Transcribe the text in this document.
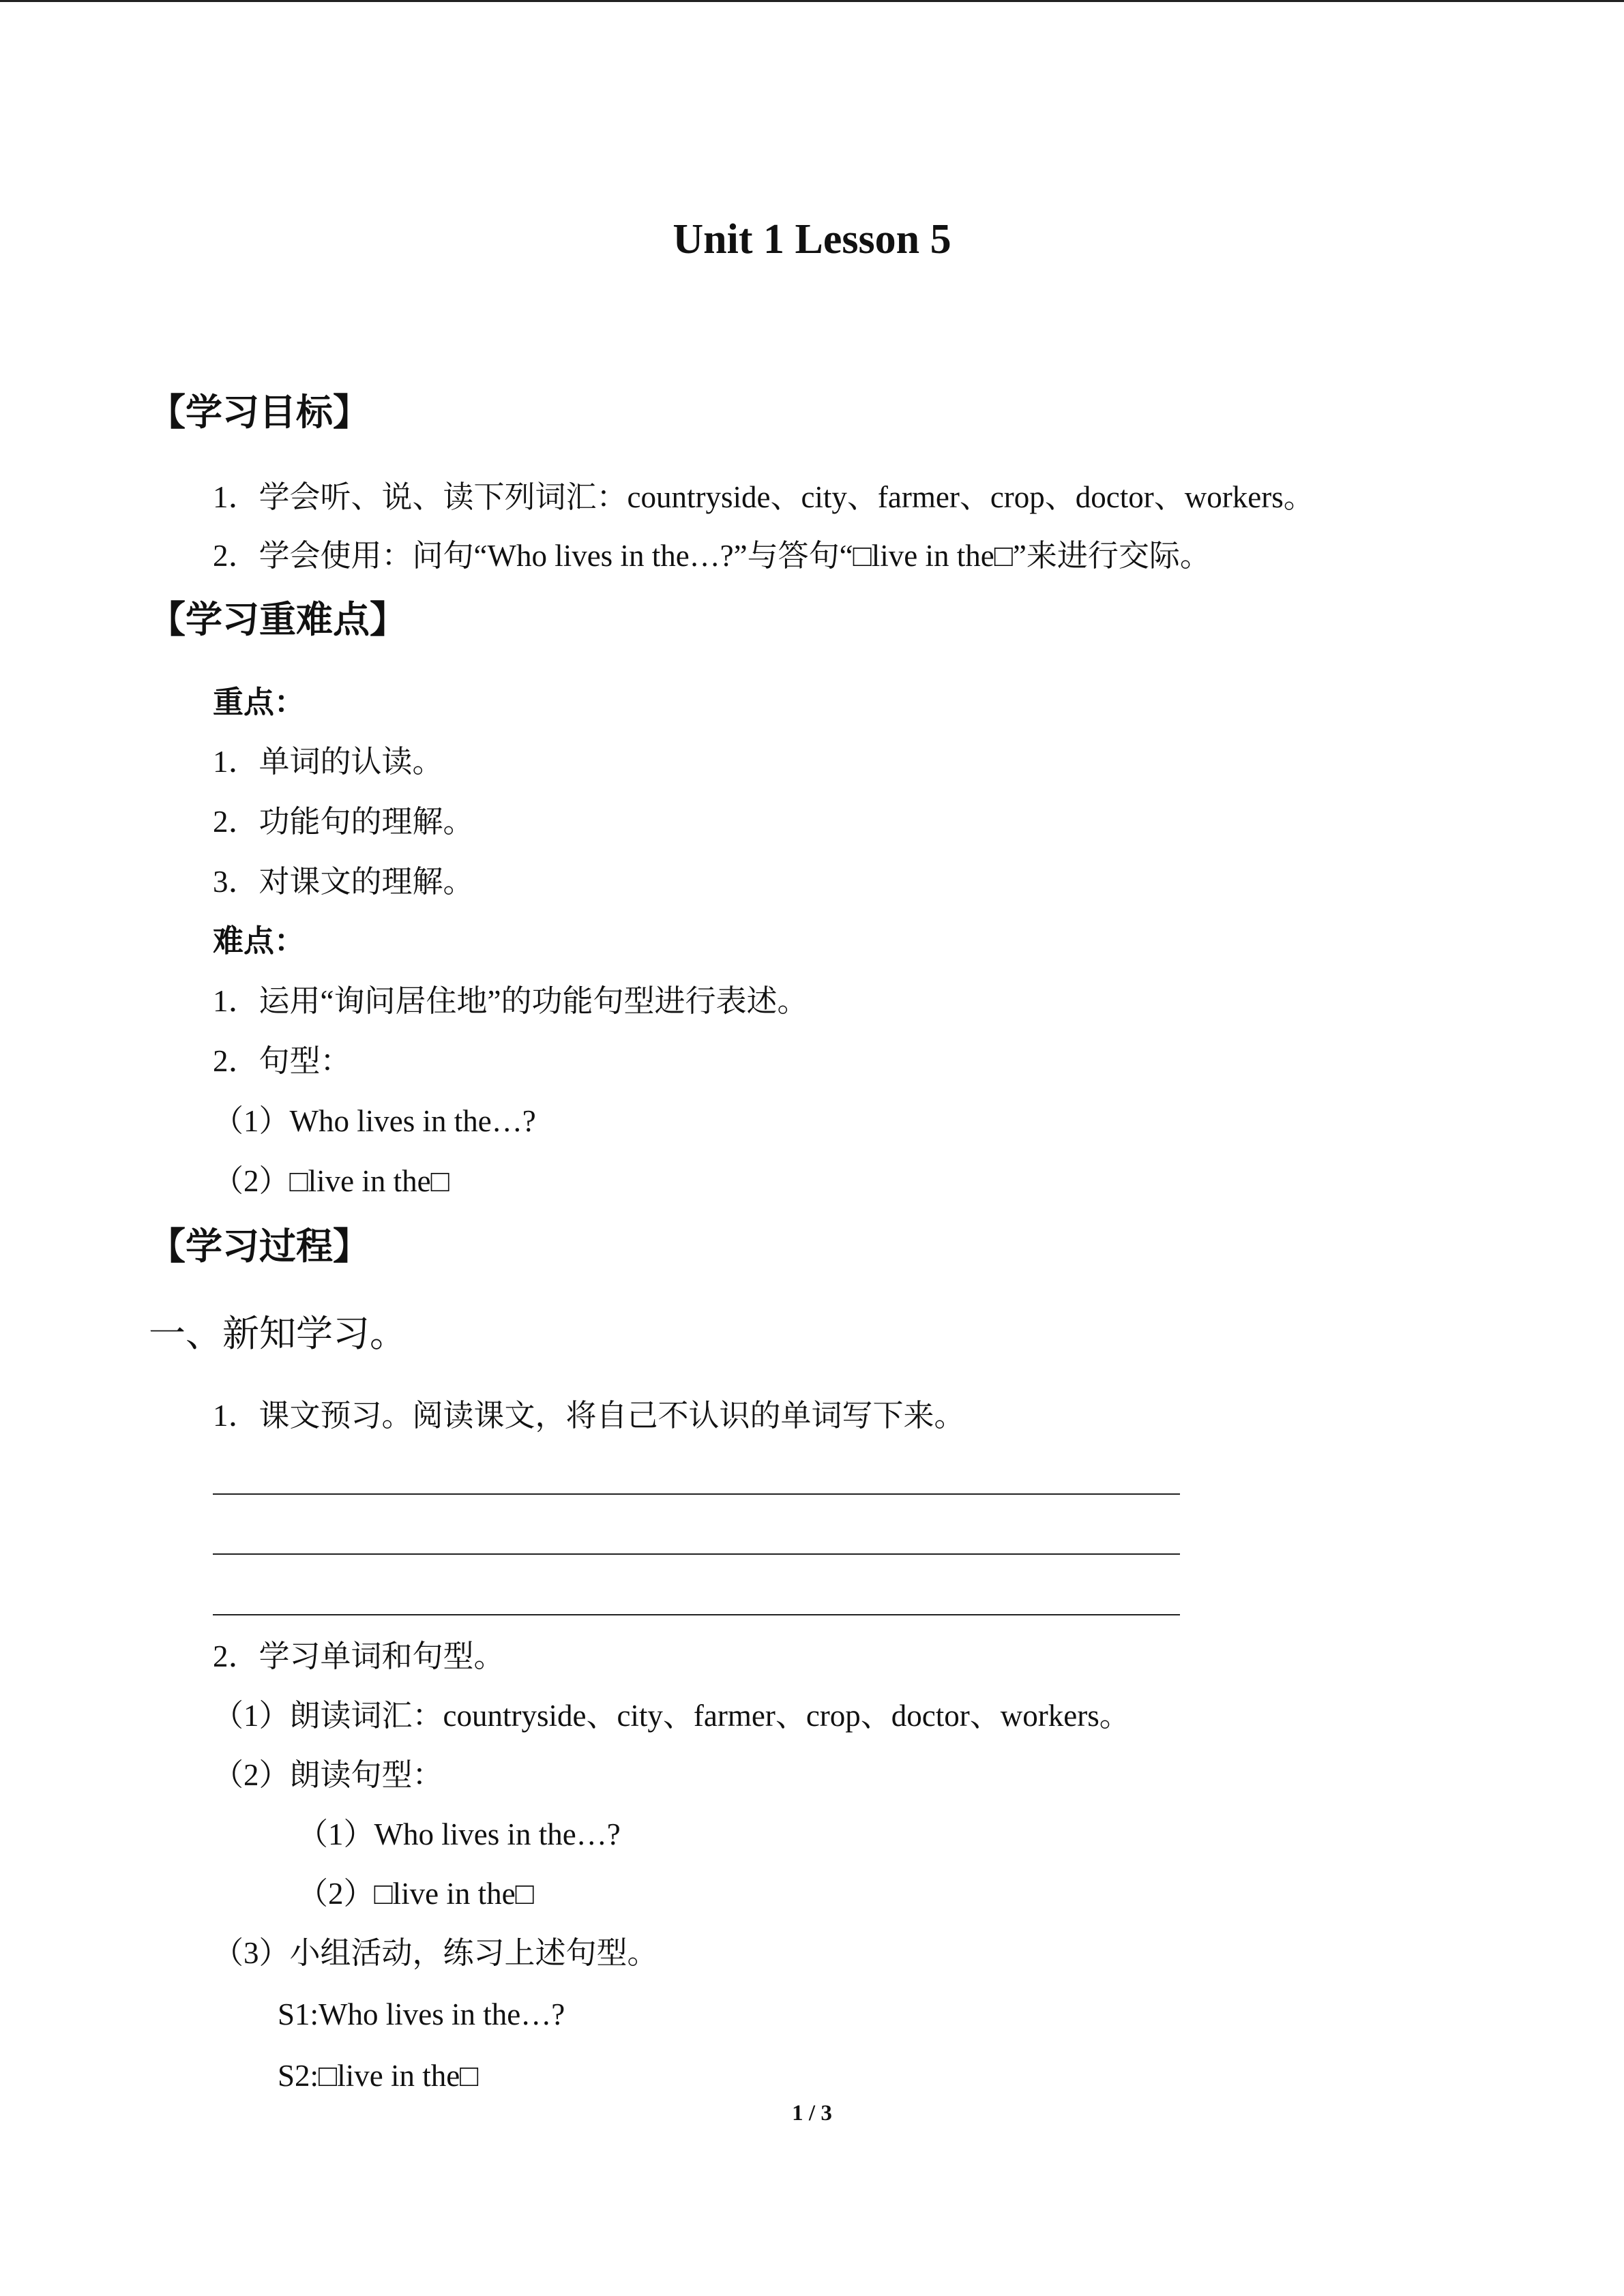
Unit 1 Lesson 5
【学习目标】
1．学会听、说、读下列词汇：countryside、city、farmer、crop、doctor、workers。
2．学会使用：问句“Who lives in the…?”与答句“□live in the□”来进行交际。
【学习重难点】
重点：
1．单词的认读。
2．功能句的理解。
3．对课文的理解。
难点：
1．运用“询问居住地”的功能句型进行表述。
2．句型：
（1）Who lives in the…?
（2）□live in the□
【学习过程】
一、新知学习。
1．课文预习。阅读课文，将自己不认识的单词写下来。
2．学习单词和句型。
（1）朗读词汇：countryside、city、farmer、crop、doctor、workers。
（2）朗读句型：
（1）Who lives in the…?
（2）□live in the□
（3）小组活动，练习上述句型。
S1:Who lives in the…?
S2:□live in the□
1 / 3
